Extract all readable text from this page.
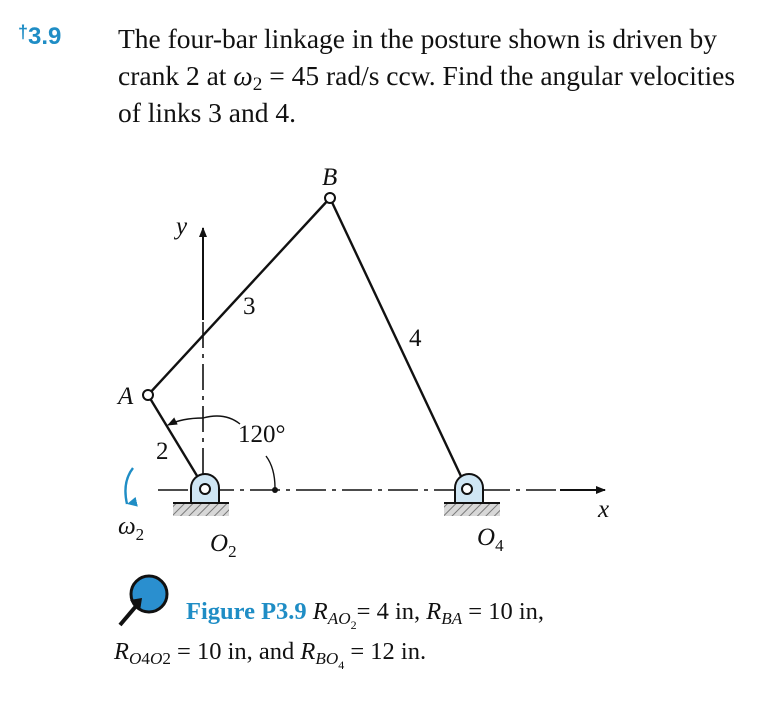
†3.9 The four-bar linkage in the posture shown is driven by crank 2 at $\omega_2 = 45$ rad/s ccw. Find the angular velocities of links 3 and 4.

y
x
3
4
2
B
A
120°
$O_2$
$O_4$
$\omega_2$

Figure P3.9 $R_{AO_2}= 4$ in, $R_{BA} = 10$ in,
$R_{O4O2} = 10$ in, and $R_{BO_4} = 12$ in.
